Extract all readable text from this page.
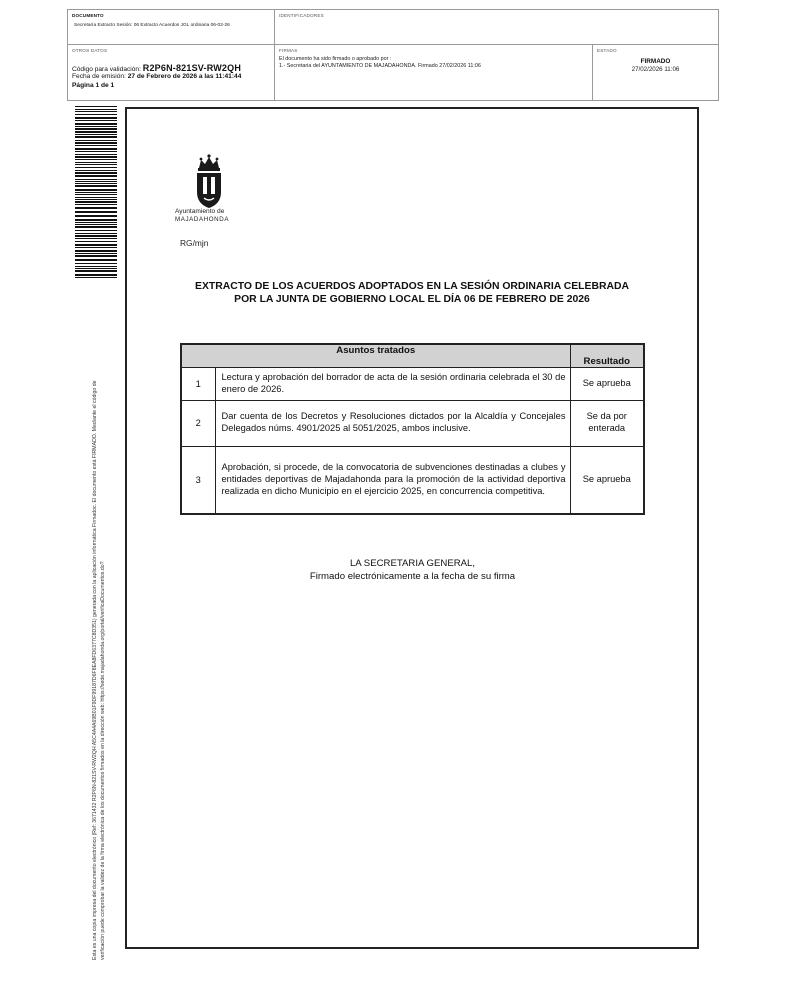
DOCUMENTO
Secretaría Extracto Sesión: 06 Extracto Acuerdos JGL ordinaria 06-02-26
IDENTIFICADORES
OTROS DATOS
Código para validación: R2P6N-821SV-RW2QH
Fecha de emisión: 27 de Febrero de 2026 a las 11:41:44
Página 1 de 1
FIRMAS
El documento ha sido firmado o aprobado por :
1.- Secretaria del AYUNTAMIENTO DE MAJADAHONDA. Firmado 27/02/2026 11:06
ESTADO
FIRMADO
27/02/2026 11:06
Esta es una copia impresa del documento electrónico (Ref: 3671432 R2P6N-821SV-RW2QH A5C4A4A69B01F9DF99187D6F8EA8FD6377C8D351) generada con la aplicación informática Firmadoc. El documento está FIRMADO. Mediante el código de verificación puede comprobar la validez de la firma electrónica de los documentos firmados en la dirección web: https://sede.majadahonda.org/portal/verificaDocumentos.do?
Ayuntamiento de
MAJADAHONDA
RG/mjn
EXTRACTO DE LOS ACUERDOS ADOPTADOS EN LA SESIÓN ORDINARIA CELEBRADA
POR LA JUNTA DE GOBIERNO LOCAL EL DÍA 06 DE FEBRERO DE 2026
Asuntos tratados		Resultado
1	Lectura y aprobación del borrador de acta de la sesión ordinaria celebrada el 30 de enero de 2026.	Se aprueba
2	Dar cuenta de los Decretos y Resoluciones dictados por la Alcaldía y Concejales Delegados núms. 4901/2025 al 5051/2025, ambos inclusive.	Se da por enterada
3	Aprobación, si procede, de la convocatoria de subvenciones destinadas a clubes y entidades deportivas de Majadahonda para la promoción de la actividad deportiva realizada en dicho Municipio en el ejercicio 2025, en concurrencia competitiva.	Se aprueba
LA SECRETARIA GENERAL,
Firmado electrónicamente a la fecha de su firma
